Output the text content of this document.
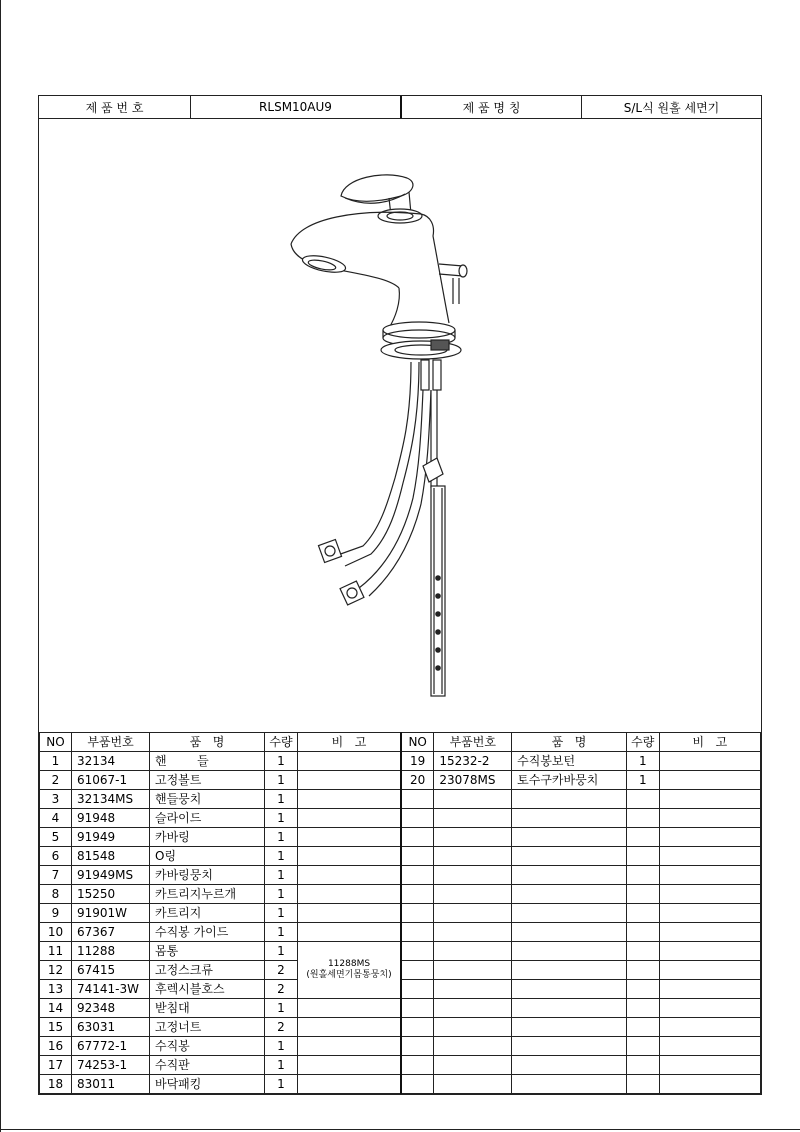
제 품 번 호	RLSM10AU9	제 품 명 칭	S/L식 원홀 세면기
NO	부품번호	품   명	수량	비   고
1	32134	핸        들	1	
2	61067-1	고정볼트	1	
3	32134MS	핸들뭉치	1	
4	91948	슬라이드	1	
5	91949	카바링	1	
6	81548	O링	1	
7	91949MS	카바링뭉치	1	
8	15250	카트리지누르개	1	
9	91901W	카트리지	1	
10	67367	수직봉 가이드	1	
11	11288	몸통	1	11288MS
(원홀세면기몸통뭉치)

12	67415	고정스크류	2	
13	74141-3W	후렉시블호스	2	
14	92348	받침대	1	
15	63031	고정너트	2	
16	67772-1	수직봉	1	
17	74253-1	수직판	1	
18	83011	바닥패킹	1	
NO	부품번호	품   명	수량	비   고
19	15232-2	수직봉보턴	1	
20	23078MS	토수구카바뭉치	1	
